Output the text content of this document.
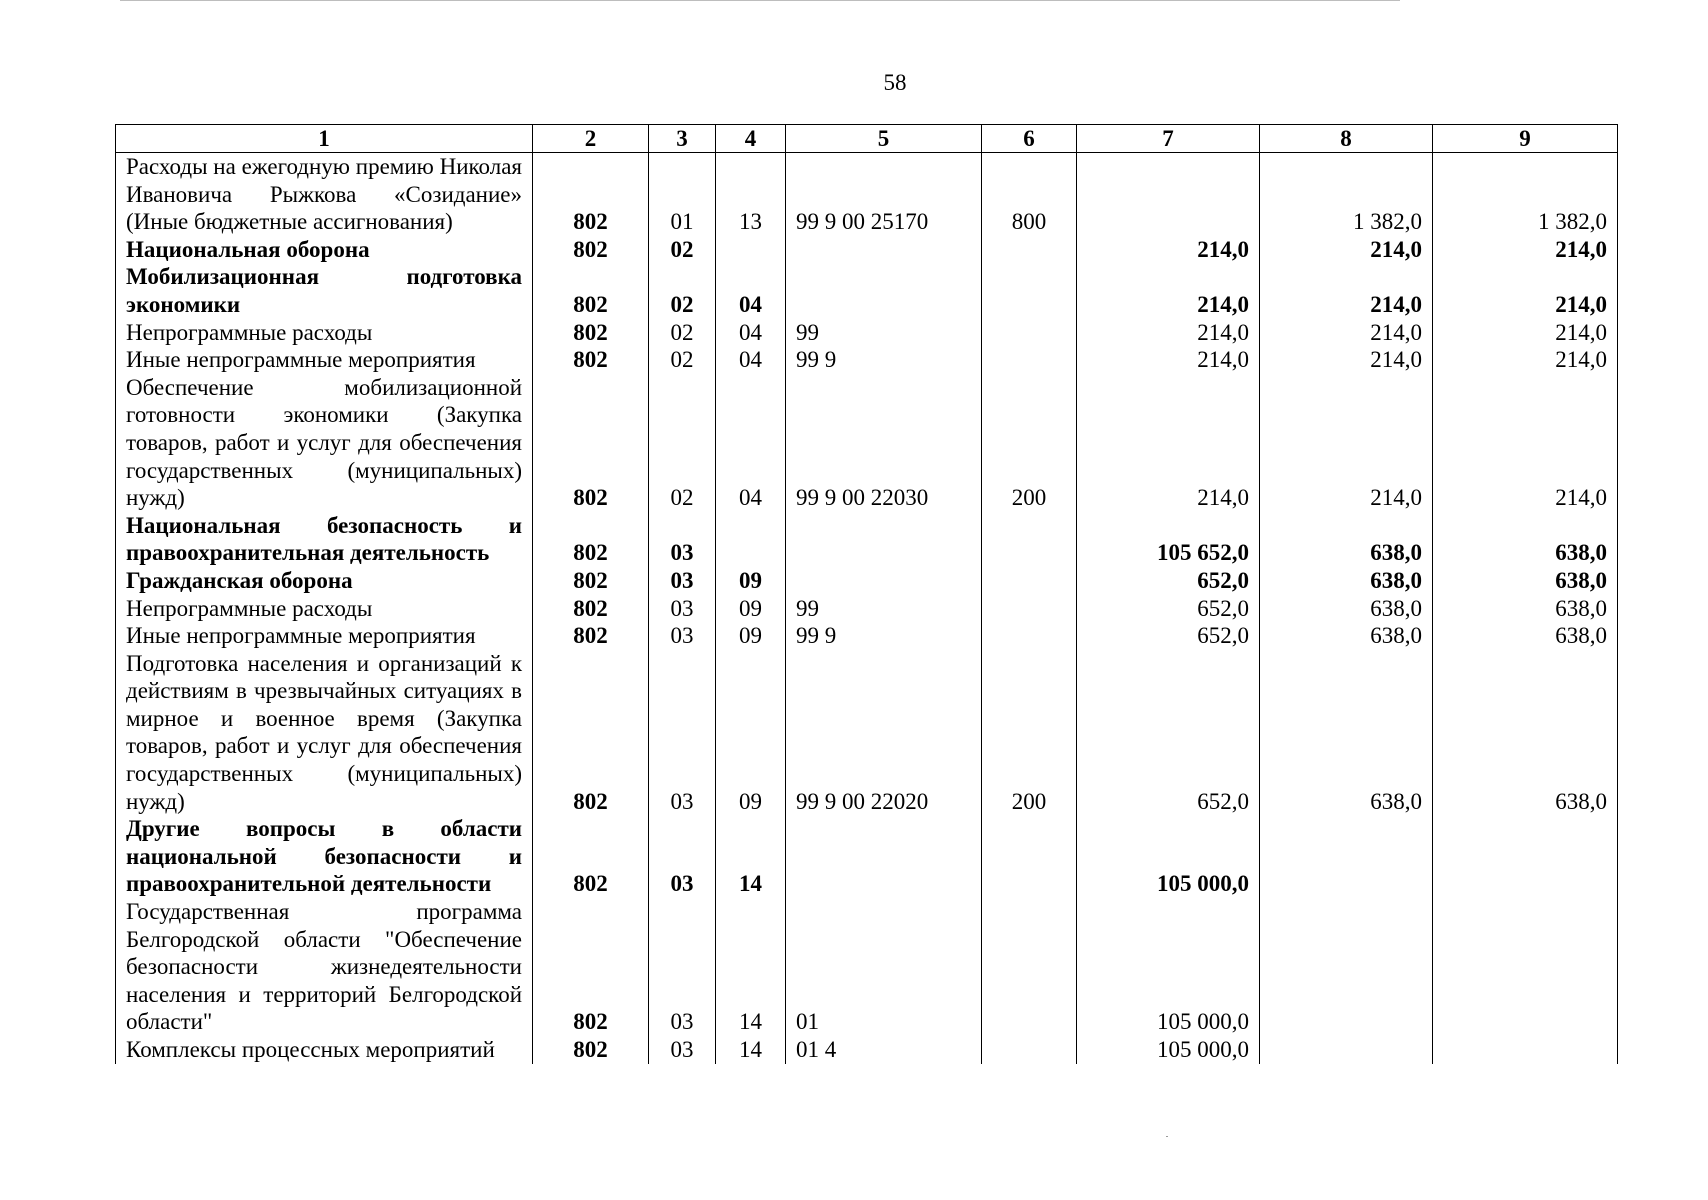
58
1	2	3	4	5	6	7	8	9
Расходы на ежегодную премию Николая Ивановича Рыжкова «Созидание» (Иные бюджетные ассигнования)	802	01	13	99 9 00 25170	800		1 382,0	1 382,0
Национальная оборона	802	02				214,0	214,0	214,0
Мобилизационная подготовка экономики	802	02	04			214,0	214,0	214,0
Непрограммные расходы	802	02	04	99		214,0	214,0	214,0
Иные непрограммные мероприятия	802	02	04	99 9		214,0	214,0	214,0
Обеспечение мобилизационной готовности экономики (Закупка товаров, работ и услуг для обеспечения государственных (муниципальных) нужд)	802	02	04	99 9 00 22030	200	214,0	214,0	214,0
Национальная безопасность и правоохранительная деятельность	802	03				105 652,0	638,0	638,0
Гражданская оборона	802	03	09			652,0	638,0	638,0
Непрограммные расходы	802	03	09	99		652,0	638,0	638,0
Иные непрограммные мероприятия	802	03	09	99 9		652,0	638,0	638,0
Подготовка населения и организаций к действиям в чрезвычайных ситуациях в мирное и военное время (Закупка товаров, работ и услуг для обеспечения государственных (муниципальных) нужд)	802	03	09	99 9 00 22020	200	652,0	638,0	638,0
Другие вопросы в области национальной безопасности и правоохранительной деятельности	802	03	14			105 000,0		
Государственная программа Белгородской области "Обеспечение безопасности жизнедеятельности населения и территорий Белгородской области"	802	03	14	01		105 000,0		
Комплексы процессных мероприятий	802	03	14	01 4		105 000,0		
